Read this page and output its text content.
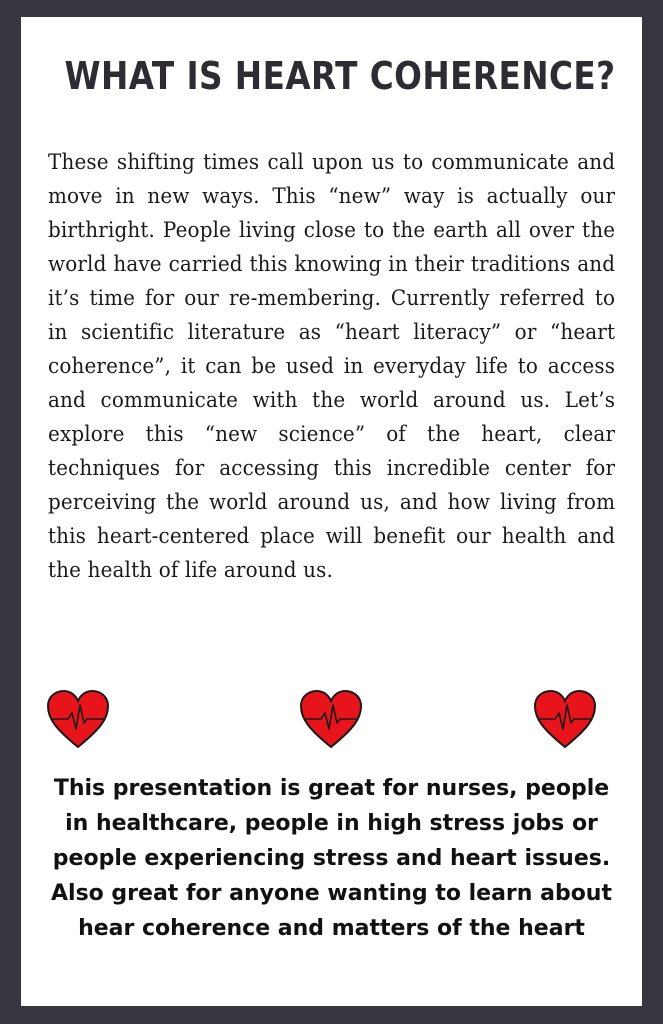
WHAT IS HEART COHERENCE?
These shifting times call upon us to communicate and move in new ways. This “new” way is actually our birthright. People living close to the earth all over the world have carried this knowing in their traditions and it’s time for our re-membering. Currently referred to in scientific literature as “heart literacy” or “heart coherence”, it can be used in everyday life to access and communicate with the world around us. Let’s explore this “new science” of the heart, clear techniques for accessing this incredible center for perceiving the world around us, and how living from this heart-centered place will benefit our health and the health of life around us.
This presentation is great for nurses, people in healthcare, people in high stress jobs or people experiencing stress and heart issues. Also great for anyone wanting to learn about hear coherence and matters of the heart
